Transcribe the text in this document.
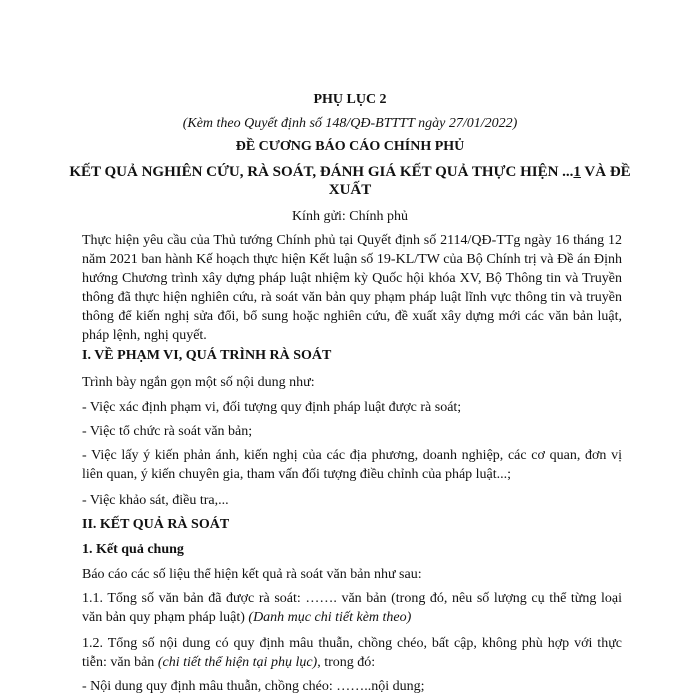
PHỤ LỤC 2

(Kèm theo Quyết định số 148/QĐ-BTTTT ngày 27/01/2022)

ĐỀ CƯƠNG BÁO CÁO CHÍNH PHỦ

KẾT QUẢ NGHIÊN CỨU, RÀ SOÁT, ĐÁNH GIÁ KẾT QUẢ THỰC HIỆN ...1 VÀ ĐỀ

XUẤT

Kính gửi: Chính phủ

Thực hiện yêu cầu của Thủ tướng Chính phủ tại Quyết định số 2114/QĐ-TTg ngày 16 tháng 12 năm 2021 ban hành Kế hoạch thực hiện Kết luận số 19-KL/TW của Bộ Chính trị và Đề án Định hướng Chương trình xây dựng pháp luật nhiệm kỳ Quốc hội khóa XV, Bộ Thông tin và Truyền thông đã thực hiện nghiên cứu, rà soát văn bản quy phạm pháp luật lĩnh vực thông tin và truyền thông để kiến nghị sửa đổi, bổ sung hoặc nghiên cứu, đề xuất xây dựng mới các văn bản luật, pháp lệnh, nghị quyết.

I. VỀ PHẠM VI, QUÁ TRÌNH RÀ SOÁT

Trình bày ngắn gọn một số nội dung như:

- Việc xác định phạm vi, đối tượng quy định pháp luật được rà soát;

- Việc tổ chức rà soát văn bản;

- Việc lấy ý kiến phản ánh, kiến nghị của các địa phương, doanh nghiệp, các cơ quan, đơn vị liên quan, ý kiến chuyên gia, tham vấn đối tượng điều chỉnh của pháp luật...;

- Việc khảo sát, điều tra,...

II. KẾT QUẢ RÀ SOÁT

1. Kết quả chung

Báo cáo các số liệu thể hiện kết quả rà soát văn bản như sau:

1.1. Tổng số văn bản đã được rà soát: ……. văn bản (trong đó, nêu số lượng cụ thể từng loại văn bản quy phạm pháp luật) (Danh mục chi tiết kèm theo)

1.2. Tổng số nội dung có quy định mâu thuẫn, chồng chéo, bất cập, không phù hợp với thực tiễn: văn bản (chi tiết thể hiện tại phụ lục), trong đó:

- Nội dung quy định mâu thuẫn, chồng chéo: ……..nội dung;
